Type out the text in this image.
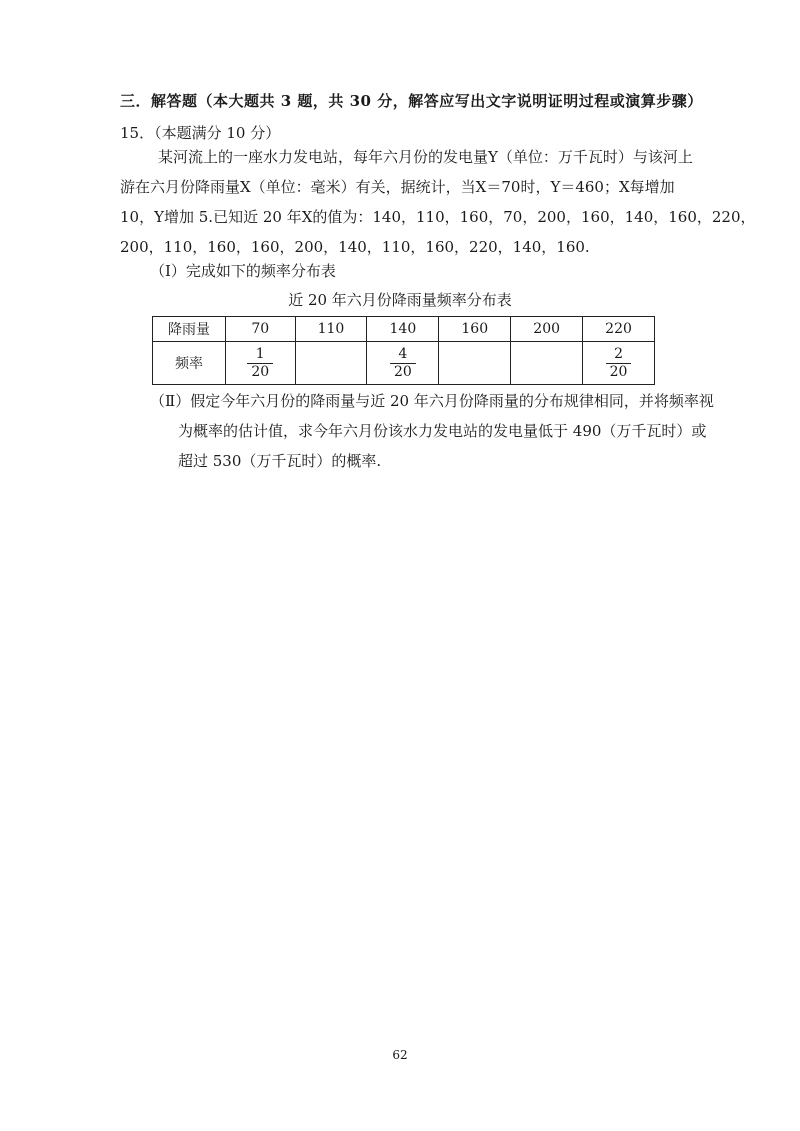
三．解答题（本大题共 3 题，共 30 分，解答应写出文字说明证明过程或演算步骤）
15．（本题满分 10 分）
某河流上的一座水力发电站，每年六月份的发电量Y（单位：万千瓦时）与该河上
游在六月份降雨量X（单位：毫米）有关，据统计，当X＝70时，Y＝460；X每增加
10，Y增加 5.已知近 20 年X的值为：140，110，160，70，200，160，140，160，220，
200，110，160，160，200，140，110，160，220，140，160.
（Ⅰ）完成如下的频率分布表
近 20 年六月份降雨量频率分布表
降雨量	70	110	140	160	200	220
频率	$\frac{1}{20}$		$\frac{4}{20}$			$\frac{2}{20}$
（Ⅱ）假定今年六月份的降雨量与近 20 年六月份降雨量的分布规律相同，并将频率视
为概率的估计值，求今年六月份该水力发电站的发电量低于 490（万千瓦时）或
超过 530（万千瓦时）的概率.
62
